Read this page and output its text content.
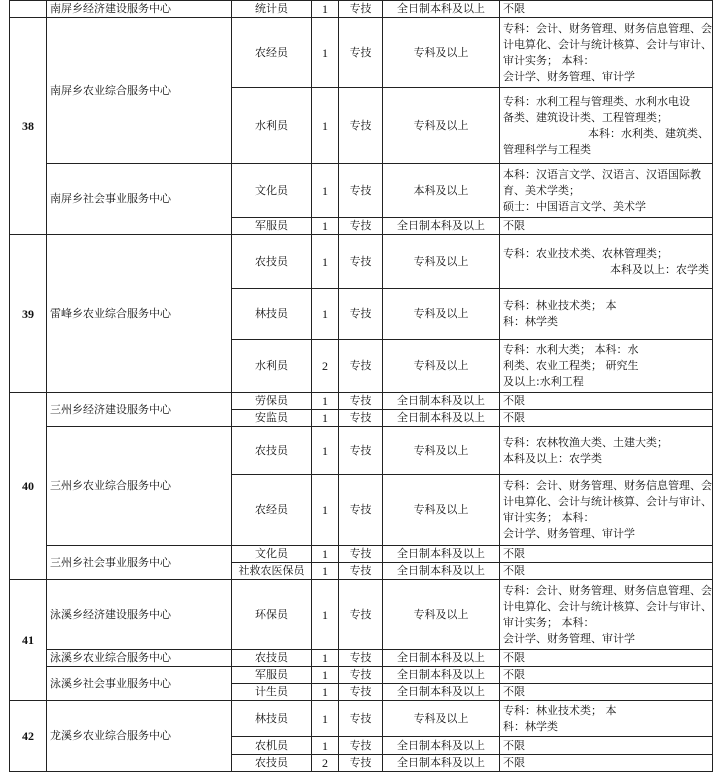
	南屏乡经济建设服务中心	统计员	1	专技	全日制本科及以上	不限

38	南屏乡农业综合服务中心	农经员	1	专技	专科及以上	专科：会计、财务管理、财务信息管理、会
计电算化、会计与统计核算、会计与审计、
审计实务； 本科：
会计学、财务管理、审计学

		水利员	1	专技	专科及以上	专科：水利工程与管理类、水利水电设
备类、建筑设计类、工程管理类；
本科：水利类、建筑类、
管理科学与工程类

	南屏乡社会事业服务中心	文化员	1	专技	本科及以上	本科：汉语言文学、汉语言、汉语国际教
育、美术学类；
硕士：中国语言文学、美术学

		军服员	1	专技	全日制本科及以上	不限

39	雷峰乡农业综合服务中心	农技员	1	专技	专科及以上	专科：农业技术类、农林管理类；
本科及以上：农学类

		林技员	1	专技	专科及以上	专科：林业技术类； 本
科：林学类

		水利员	2	专技	专科及以上	专科：水利大类； 本科：水
利类、农业工程类； 研究生
及以上:水利工程

40	三州乡经济建设服务中心	劳保员	1	专技	全日制本科及以上	不限

		安监员	1	专技	全日制本科及以上	不限

	三州乡农业综合服务中心	农技员	1	专技	专科及以上	专科：农林牧渔大类、土建大类；
本科及以上：农学类

		农经员	1	专技	专科及以上	专科：会计、财务管理、财务信息管理、会
计电算化、会计与统计核算、会计与审计、
审计实务； 本科：
会计学、财务管理、审计学

	三州乡社会事业服务中心	文化员	1	专技	全日制本科及以上	不限

		社救农医保员	1	专技	全日制本科及以上	不限

41	泳溪乡经济建设服务中心	环保员	1	专技	专科及以上	专科：会计、财务管理、财务信息管理、会
计电算化、会计与统计核算、会计与审计、
审计实务； 本科：
会计学、财务管理、审计学

	泳溪乡农业综合服务中心	农技员	1	专技	全日制本科及以上	不限

	泳溪乡社会事业服务中心	军服员	1	专技	全日制本科及以上	不限

		计生员	1	专技	全日制本科及以上	不限

42	龙溪乡农业综合服务中心	林技员	1	专技	专科及以上	专科：林业技术类； 本
科：林学类

		农机员	1	专技	全日制本科及以上	不限

		农技员	2	专技	全日制本科及以上	不限
